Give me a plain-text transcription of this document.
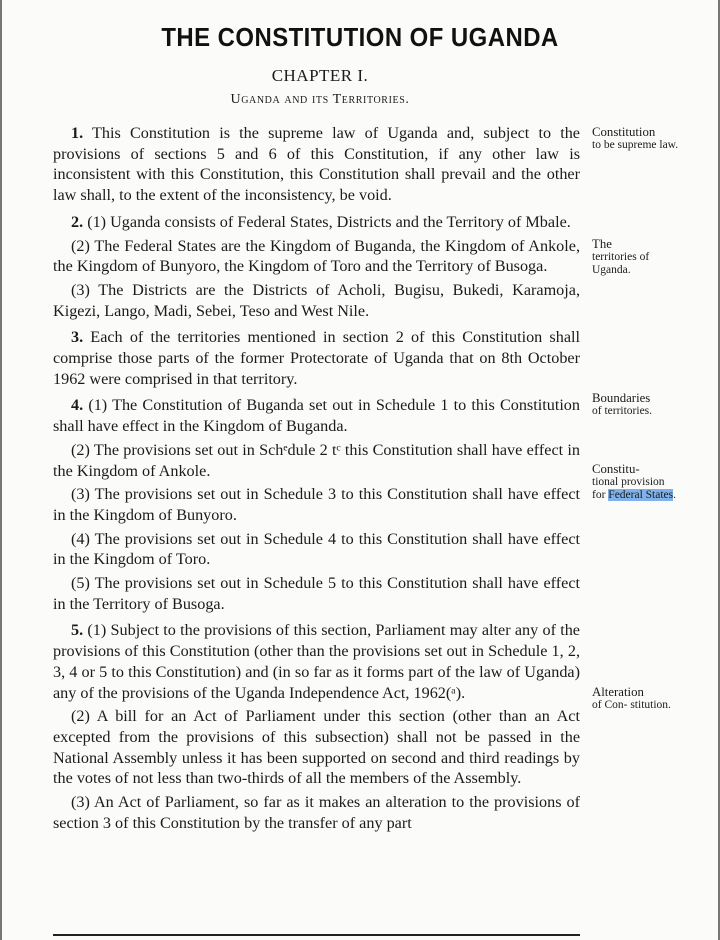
THE CONSTITUTION OF UGANDA
CHAPTER I.
Uganda and its Territories.

1. This Constitution is the supreme law of Uganda and, subject to the provisions of sections 5 and 6 of this Constitution, if any other law is inconsistent with this Constitution, this Constitution shall prevail and the other law shall, to the extent of the inconsistency, be void.

2. (1) Uganda consists of Federal States, Districts and the Territory of Mbale.

(2) The Federal States are the Kingdom of Buganda, the Kingdom of Ankole, the Kingdom of Bunyoro, the Kingdom of Toro and the Territory of Busoga.

(3) The Districts are the Districts of Acholi, Bugisu, Bukedi, Karamoja, Kigezi, Lango, Madi, Sebei, Teso and West Nile.

3. Each of the territories mentioned in section 2 of this Constitution shall comprise those parts of the former Protectorate of Uganda that on 8th October 1962 were comprised in that territory.

4. (1) The Constitution of Buganda set out in Schedule 1 to this Constitution shall have effect in the Kingdom of Buganda.

(2) The provisions set out in Schᵉdule 2 tᶜ this Constitution shall have effect in the Kingdom of Ankole.

(3) The provisions set out in Schedule 3 to this Constitution shall have effect in the Kingdom of Bunyoro.

(4) The provisions set out in Schedule 4 to this Constitution shall have effect in the Kingdom of Toro.

(5) The provisions set out in Schedule 5 to this Constitution shall have effect in the Territory of Busoga.

5. (1) Subject to the provisions of this section, Parliament may alter any of the provisions of this Constitution (other than the provisions set out in Schedule 1, 2, 3, 4 or 5 to this Constitution) and (in so far as it forms part of the law of Uganda) any of the provisions of the Uganda Independence Act, 1962(ᵃ).

(2) A bill for an Act of Parliament under this section (other than an Act excepted from the provisions of this subsection) shall not be passed in the National Assembly unless it has been supported on second and third readings by the votes of not less than two-thirds of all the members of the Assembly.

(3) An Act of Parliament, so far as it makes an alteration to the provisions of section 3 of this Constitution by the transfer of any part

Constitution
to be supreme law.
The
territories of Uganda.
Boundaries
of territories.
Constitu-
tional provision for Federal States.
Alteration
of Con- stitution.
